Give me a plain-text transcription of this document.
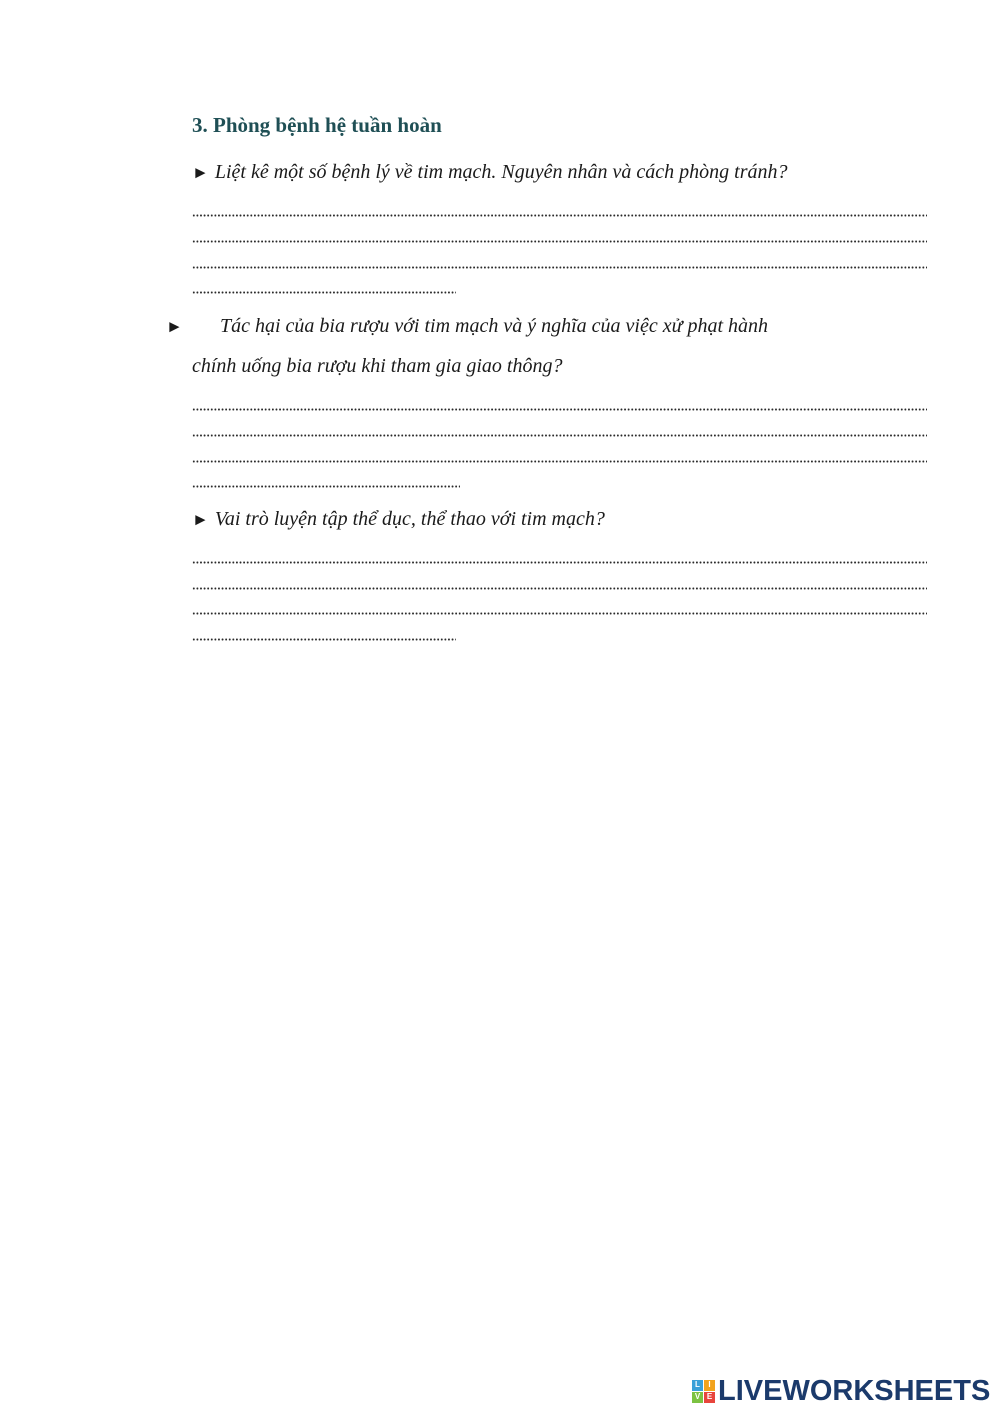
3. Phòng bệnh hệ tuần hoàn
► Liệt kê một số bệnh lý về tim mạch. Nguyên nhân và cách phòng tránh?
►	Tác hại của bia rượu với tim mạch và ý nghĩa của việc xử phạt hành
chính uống bia rượu khi tham gia giao thông?
► Vai trò luyện tập thể dục, thể thao với tim mạch?
L	I
V E LIVEWORKSHEETS
